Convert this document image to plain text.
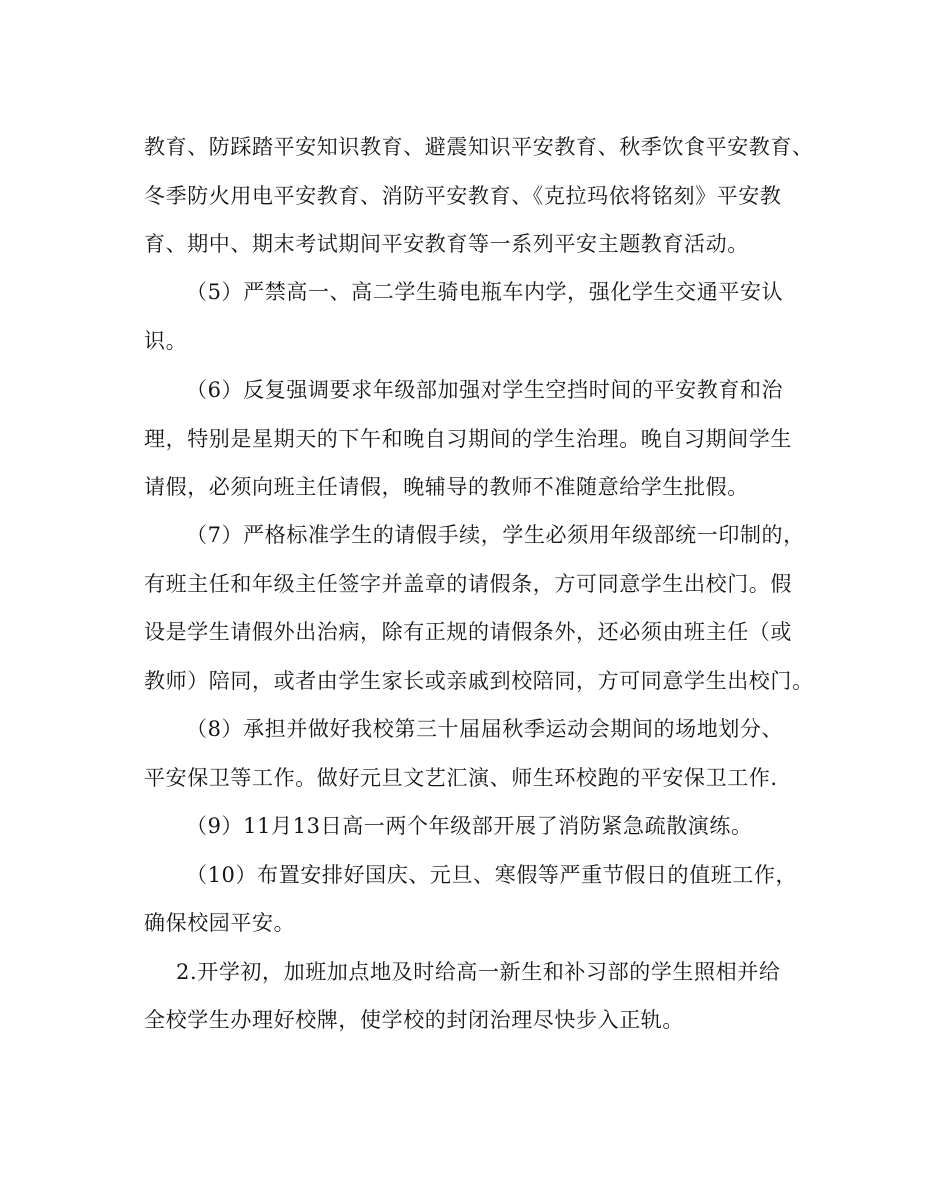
教育、防踩踏平安知识教育、避震知识平安教育、秋季饮食平安教育、
冬季防火用电平安教育、消防平安教育、《克拉玛依将铭刻》平安教
育、期中、期末考试期间平安教育等一系列平安主题教育活动。
（5）严禁高一、高二学生骑电瓶车内学，强化学生交通平安认
识。
（6）反复强调要求年级部加强对学生空挡时间的平安教育和治
理，特别是星期天的下午和晚自习期间的学生治理。晚自习期间学生
请假，必须向班主任请假，晚辅导的教师不准随意给学生批假。
（7）严格标准学生的请假手续，学生必须用年级部统一印制的，
有班主任和年级主任签字并盖章的请假条，方可同意学生出校门。假
设是学生请假外出治病，除有正规的请假条外，还必须由班主任（或
教师）陪同，或者由学生家长或亲戚到校陪同，方可同意学生出校门。
（8）承担并做好我校第三十届届秋季运动会期间的场地划分、
平安保卫等工作。做好元旦文艺汇演、师生环校跑的平安保卫工作.
（9）11月13日高一两个年级部开展了消防紧急疏散演练。
（10）布置安排好国庆、元旦、寒假等严重节假日的值班工作，
确保校园平安。
2.开学初，加班加点地及时给高一新生和补习部的学生照相并给
全校学生办理好校牌，使学校的封闭治理尽快步入正轨。
